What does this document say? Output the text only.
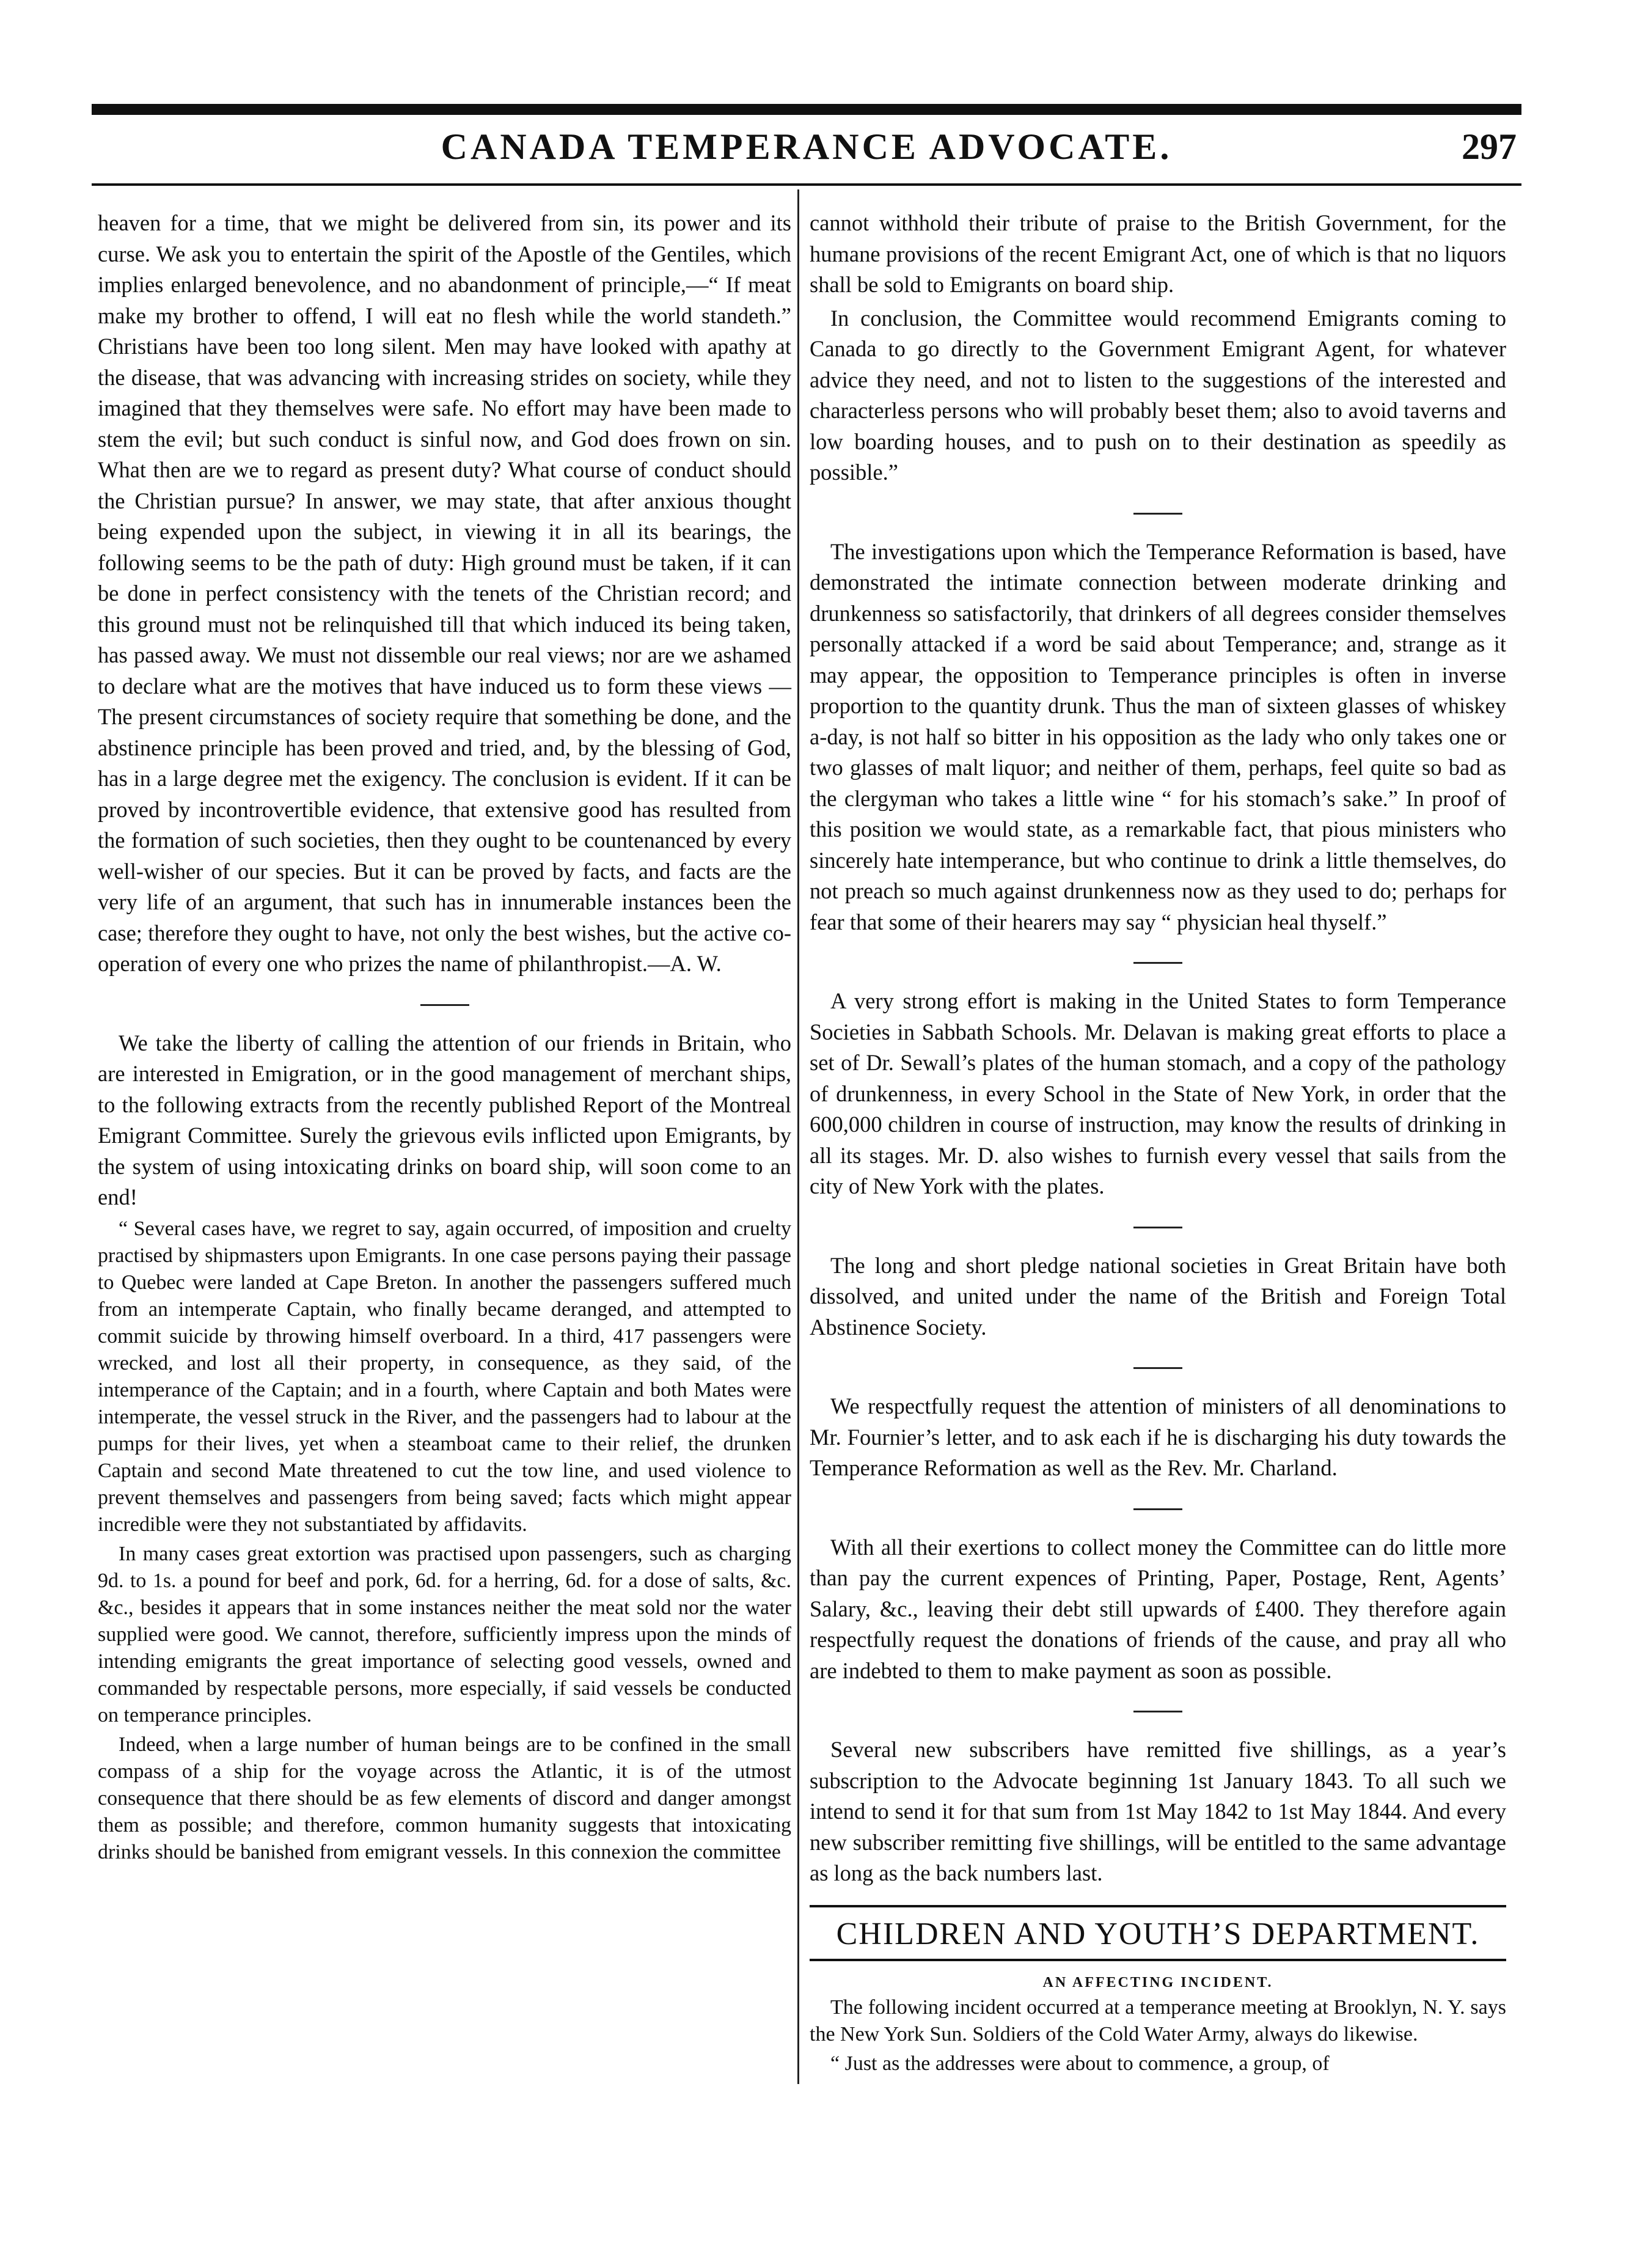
CANADA TEMPERANCE ADVOCATE.	297

heaven for a time, that we might be delivered from sin, its power and its curse. We ask you to entertain the spirit of the Apostle of the Gentiles, which implies enlarged benevolence, and no abandonment of principle,—“ If meat make my brother to offend, I will eat no flesh while the world standeth.” Christians have been too long silent. Men may have looked with apathy at the disease, that was advancing with increasing strides on society, while they imagined that they themselves were safe. No effort may have been made to stem the evil; but such conduct is sinful now, and God does frown on sin. What then are we to regard as present duty? What course of conduct should the Christian pursue? In answer, we may state, that after anxious thought being expended upon the subject, in viewing it in all its bearings, the following seems to be the path of duty: High ground must be taken, if it can be done in perfect consistency with the tenets of the Christian record; and this ground must not be relinquished till that which induced its being taken, has passed away. We must not dissemble our real views; nor are we ashamed to declare what are the motives that have induced us to form these views — The present circumstances of society require that something be done, and the abstinence principle has been proved and tried, and, by the blessing of God, has in a large degree met the exigency. The conclusion is evident. If it can be proved by incontrovertible evidence, that extensive good has resulted from the formation of such societies, then they ought to be countenanced by every well-wisher of our species. But it can be proved by facts, and facts are the very life of an argument, that such has in innumerable instances been the case; therefore they ought to have, not only the best wishes, but the active co-operation of every one who prizes the name of philanthropist.—A. W.

We take the liberty of calling the attention of our friends in Britain, who are interested in Emigration, or in the good management of merchant ships, to the following extracts from the recently published Report of the Montreal Emigrant Committee. Surely the grievous evils inflicted upon Emigrants, by the system of using intoxicating drinks on board ship, will soon come to an end!

“ Several cases have, we regret to say, again occurred, of imposition and cruelty practised by shipmasters upon Emigrants. In one case persons paying their passage to Quebec were landed at Cape Breton. In another the passengers suffered much from an intemperate Captain, who finally became deranged, and attempted to commit suicide by throwing himself overboard. In a third, 417 passengers were wrecked, and lost all their property, in consequence, as they said, of the intemperance of the Captain; and in a fourth, where Captain and both Mates were intemperate, the vessel struck in the River, and the passengers had to labour at the pumps for their lives, yet when a steamboat came to their relief, the drunken Captain and second Mate threatened to cut the tow line, and used violence to prevent themselves and passengers from being saved; facts which might appear incredible were they not substantiated by affidavits.

In many cases great extortion was practised upon passengers, such as charging 9d. to 1s. a pound for beef and pork, 6d. for a herring, 6d. for a dose of salts, &c. &c., besides it appears that in some instances neither the meat sold nor the water supplied were good. We cannot, therefore, sufficiently impress upon the minds of intending emigrants the great importance of selecting good vessels, owned and commanded by respectable persons, more especially, if said vessels be conducted on temperance principles.

Indeed, when a large number of human beings are to be confined in the small compass of a ship for the voyage across the Atlantic, it is of the utmost consequence that there should be as few elements of discord and danger amongst them as possible; and therefore, common humanity suggests that intoxicating drinks should be banished from emigrant vessels. In this connexion the committee

cannot withhold their tribute of praise to the British Government, for the humane provisions of the recent Emigrant Act, one of which is that no liquors shall be sold to Emigrants on board ship.

In conclusion, the Committee would recommend Emigrants coming to Canada to go directly to the Government Emigrant Agent, for whatever advice they need, and not to listen to the suggestions of the interested and characterless persons who will probably beset them; also to avoid taverns and low boarding houses, and to push on to their destination as speedily as possible.”

The investigations upon which the Temperance Reformation is based, have demonstrated the intimate connection between moderate drinking and drunkenness so satisfactorily, that drinkers of all degrees consider themselves personally attacked if a word be said about Temperance; and, strange as it may appear, the opposition to Temperance principles is often in inverse proportion to the quantity drunk. Thus the man of sixteen glasses of whiskey a-day, is not half so bitter in his opposition as the lady who only takes one or two glasses of malt liquor; and neither of them, perhaps, feel quite so bad as the clergyman who takes a little wine “ for his stomach’s sake.” In proof of this position we would state, as a remarkable fact, that pious ministers who sincerely hate intemperance, but who continue to drink a little themselves, do not preach so much against drunkenness now as they used to do; perhaps for fear that some of their hearers may say “ physician heal thyself.”

A very strong effort is making in the United States to form Temperance Societies in Sabbath Schools. Mr. Delavan is making great efforts to place a set of Dr. Sewall’s plates of the human stomach, and a copy of the pathology of drunkenness, in every School in the State of New York, in order that the 600,000 children in course of instruction, may know the results of drinking in all its stages. Mr. D. also wishes to furnish every vessel that sails from the city of New York with the plates.

The long and short pledge national societies in Great Britain have both dissolved, and united under the name of the British and Foreign Total Abstinence Society.

We respectfully request the attention of ministers of all denominations to Mr. Fournier’s letter, and to ask each if he is discharging his duty towards the Temperance Reformation as well as the Rev. Mr. Charland.

With all their exertions to collect money the Committee can do little more than pay the current expences of Printing, Paper, Postage, Rent, Agents’ Salary, &c., leaving their debt still upwards of £400. They therefore again respectfully request the donations of friends of the cause, and pray all who are indebted to them to make payment as soon as possible.

Several new subscribers have remitted five shillings, as a year’s subscription to the Advocate beginning 1st January 1843. To all such we intend to send it for that sum from 1st May 1842 to 1st May 1844. And every new subscriber remitting five shillings, will be entitled to the same advantage as long as the back numbers last.

CHILDREN AND YOUTH’S DEPARTMENT.
AN AFFECTING INCIDENT.

The following incident occurred at a temperance meeting at Brooklyn, N. Y. says the New York Sun. Soldiers of the Cold Water Army, always do likewise.

“ Just as the addresses were about to commence, a group, of
